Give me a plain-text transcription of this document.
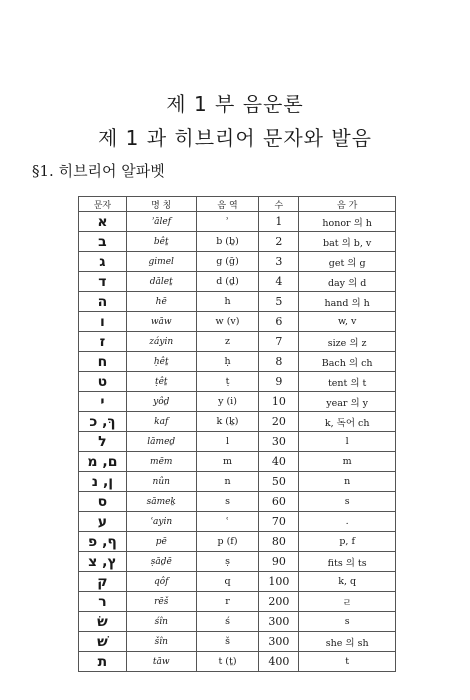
제 1 부 음운론
제 1 과 히브리어 문자와 발음
§1. 히브리어 알파벳
문자	명 칭	음 역	수	음 가
א	ʾālef	ʾ	1	honor 의 h
ב	bêṯ	b (ḇ)	2	bat 의 b, v
ג	gimel	g (ḡ)	3	get 의 g
ד	dāleṯ	d (ḏ)	4	day 의 d
ה	hē	h	5	hand 의 h
ו	wāw	w (v)	6	w, v
ז	záyin	z	7	size 의 z
ח	ḥêṯ	ḥ	8	Bach 의 ch
ט	ṭêṯ	ṭ	9	tent 의 t
י	yôḏ	y (i)	10	year 의 y
ךּ, כ	kaf	k (ḵ)	20	k, 독어 ch
ל	lāmeḏ	l	30	l
ם, מ	mēm	m	40	m
ן, נ	nûn	n	50	n
ס	sāmeḵ	s	60	s
ע	ʿayin	ʿ	70	.
ף, פ	pē	p (f)	80	p, f
ץ, צ	ṣāḏē	ṣ	90	fits 의 ts
ק	qôf	q	100	k, q
ר	rēš	r	200	ㄹ
שׂ	śîn	ś	300	s
שׁ	šîn	š	300	she 의 sh
ת	tāw	t (ṯ)	400	t
